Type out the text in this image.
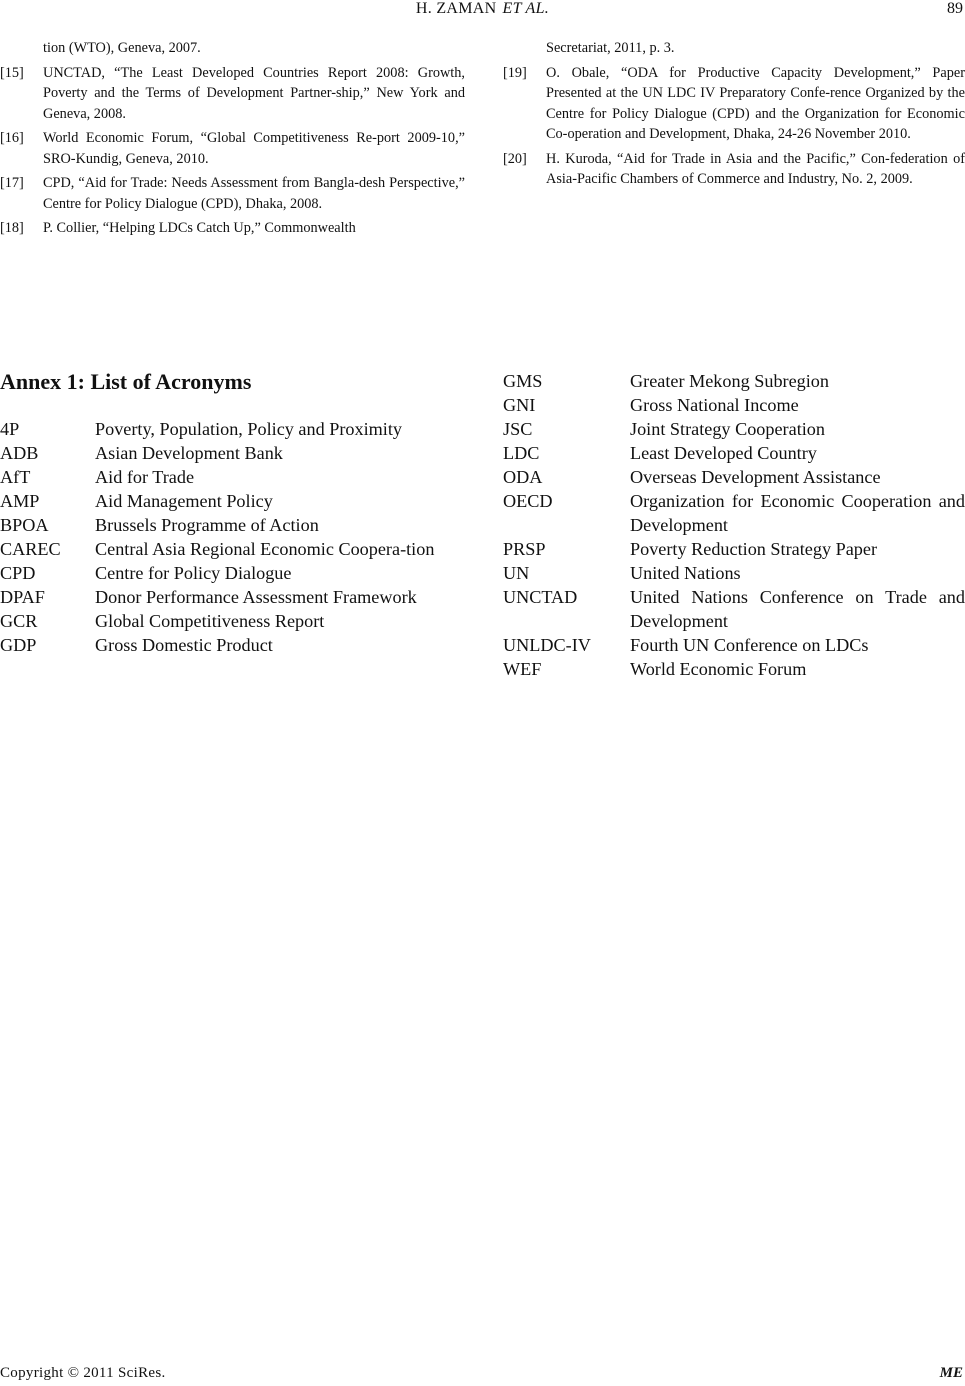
H. ZAMAN ET AL.	89
tion (WTO), Geneva, 2007.
[15] UNCTAD, “The Least Developed Countries Report 2008: Growth, Poverty and the Terms of Development Partner-ship,” New York and Geneva, 2008.
[16] World Economic Forum, “Global Competitiveness Re-port 2009-10,” SRO-Kundig, Geneva, 2010.
[17] CPD, “Aid for Trade: Needs Assessment from Bangla-desh Perspective,” Centre for Policy Dialogue (CPD), Dhaka, 2008.
[18] P. Collier, “Helping LDCs Catch Up,” Commonwealth
Secretariat, 2011, p. 3.
[19] O. Obale, “ODA for Productive Capacity Development,” Paper Presented at the UN LDC IV Preparatory Confe-rence Organized by the Centre for Policy Dialogue (CPD) and the Organization for Economic Co-operation and Development, Dhaka, 24-26 November 2010.
[20] H. Kuroda, “Aid for Trade in Asia and the Pacific,” Con-federation of Asia-Pacific Chambers of Commerce and Industry, No. 2, 2009.
Annex 1: List of Acronyms
4P	Poverty, Population, Policy and Proximity
ADB	Asian Development Bank
AfT	Aid for Trade
AMP	Aid Management Policy
BPOA	Brussels Programme of Action
CAREC Central Asia Regional Economic Coopera-tion
CPD	Centre for Policy Dialogue
DPAF	Donor Performance Assessment Framework
GCR	Global Competitiveness Report
GDP	Gross Domestic Product
GMS	Greater Mekong Subregion
GNI	Gross National Income
JSC	Joint Strategy Cooperation
LDC	Least Developed Country
ODA	Overseas Development Assistance
OECD	Organization for Economic Cooperation and Development
PRSP	Poverty Reduction Strategy Paper
UN	United Nations
UNCTAD	United Nations Conference on Trade and Development
UNLDC-IV Fourth UN Conference on LDCs
WEF	World Economic Forum
Copyright © 2011 SciRes.	ME
